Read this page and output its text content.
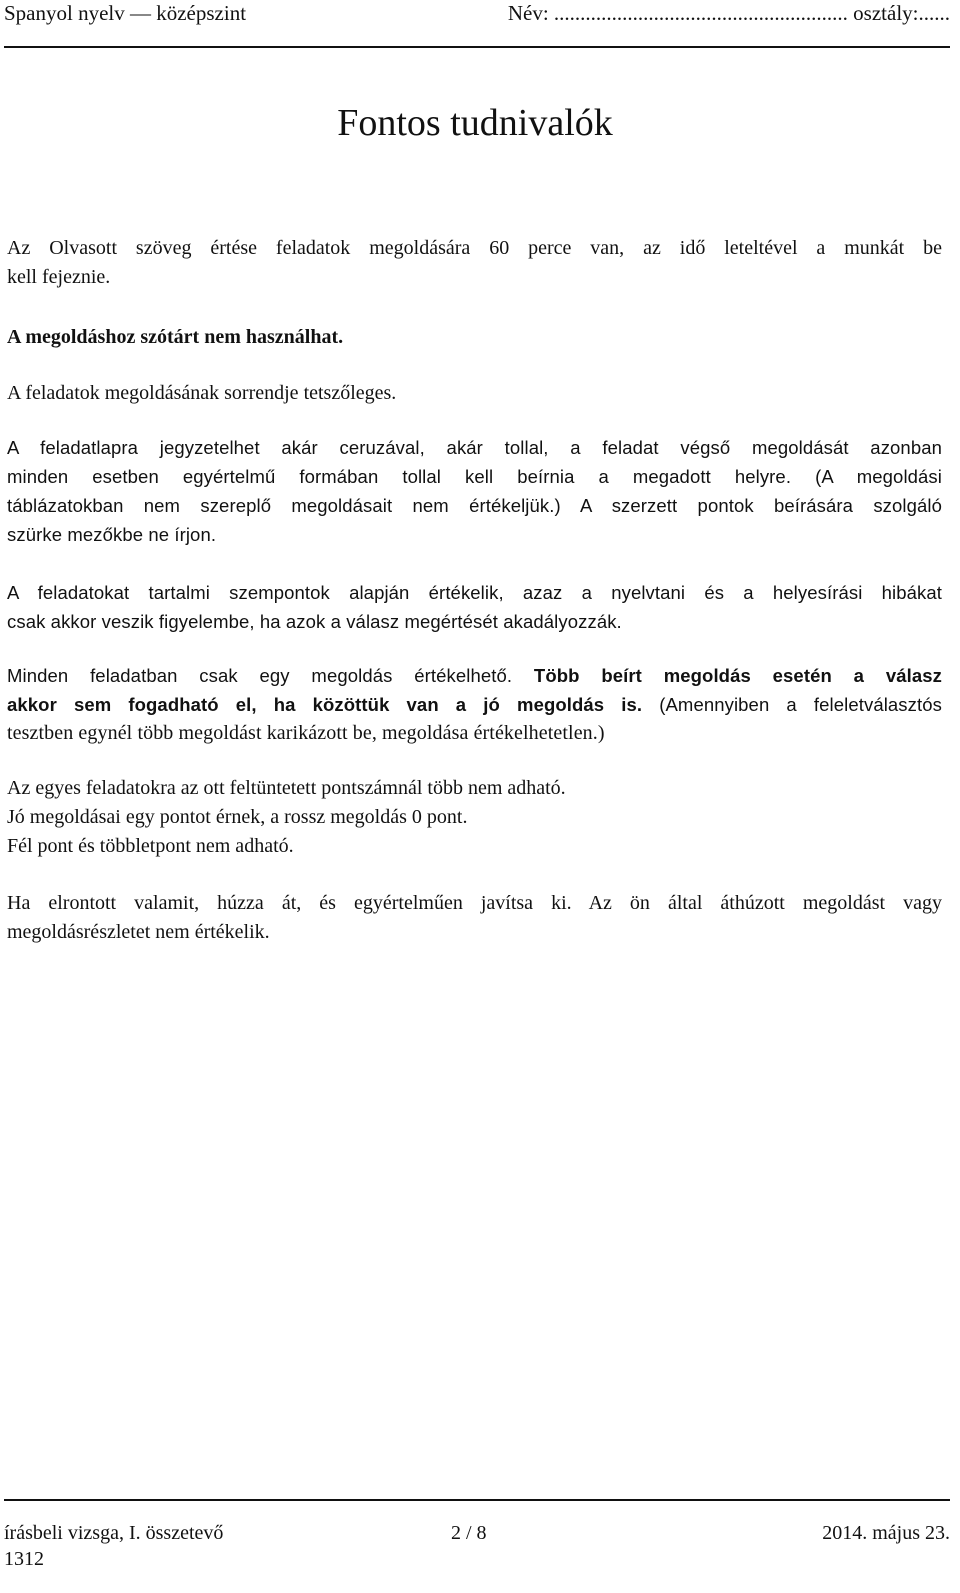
Spanyol nyelv — középszint	Név: ........................................................ osztály:......
Fontos tudnivalók
Az Olvasott szöveg értése feladatok megoldására 60 perce van, az idő leteltével a munkát be
kell fejeznie.
A megoldáshoz szótárt nem használhat.
A feladatok megoldásának sorrendje tetszőleges.
A feladatlapra jegyzetelhet akár ceruzával, akár tollal, a feladat végső megoldását azonban
minden esetben egyértelmű formában tollal kell beírnia a megadott helyre. (A megoldási
táblázatokban nem szereplő megoldásait nem értékeljük.) A szerzett pontok beírására szolgáló
szürke mezőkbe ne írjon.
A feladatokat tartalmi szempontok alapján értékelik, azaz a nyelvtani és a helyesírási hibákat
csak akkor veszik figyelembe, ha azok a válasz megértését akadályozzák.
Minden feladatban csak egy megoldás értékelhető. Több beírt megoldás esetén a válasz
akkor sem fogadható el, ha közöttük van a jó megoldás is. (Amennyiben a feleletválasztós
tesztben egynél több megoldást karikázott be, megoldása értékelhetetlen.)
Az egyes feladatokra az ott feltüntetett pontszámnál több nem adható.
Jó megoldásai egy pontot érnek, a rossz megoldás 0 pont.
Fél pont és többletpont nem adható.
Ha elrontott valamit, húzza át, és egyértelműen javítsa ki. Az ön által áthúzott megoldást vagy
megoldásrészletet nem értékelik.
írásbeli vizsga, I. összetevő	2 / 8	2014. május 23.
1312
